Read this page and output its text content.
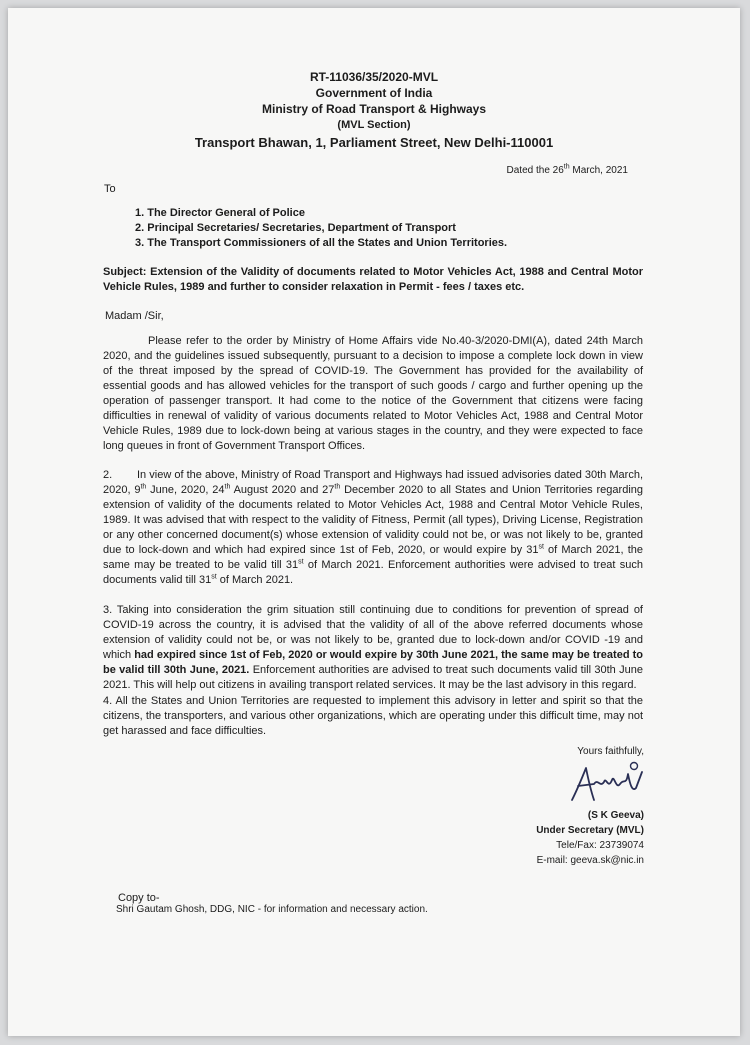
RT-11036/35/2020-MVL
Government of India
Ministry of Road Transport & Highways
(MVL Section)
Transport Bhawan, 1, Parliament Street, New Delhi-110001
Dated the 26th March, 2021
To
1. The Director General of Police
2. Principal Secretaries/ Secretaries, Department of Transport
3. The Transport Commissioners of all the States and Union Territories.
Subject: Extension of the Validity of documents related to Motor Vehicles Act, 1988 and Central Motor Vehicle Rules, 1989 and further to consider relaxation in Permit - fees / taxes etc.
Madam /Sir,
Please refer to the order by Ministry of Home Affairs vide No.40-3/2020-DMI(A), dated 24th March 2020, and the guidelines issued subsequently, pursuant to a decision to impose a complete lock down in view of the threat imposed by the spread of COVID-19. The Government has provided for the availability of essential goods and has allowed vehicles for the transport of such goods / cargo and further opening up the operation of passenger transport. It had come to the notice of the Government that citizens were facing difficulties in renewal of validity of various documents related to Motor Vehicles Act, 1988 and Central Motor Vehicle Rules, 1989 due to lock-down being at various stages in the country, and they were expected to face long queues in front of Government Transport Offices.
2. In view of the above, Ministry of Road Transport and Highways had issued advisories dated 30th March, 2020, 9th June, 2020, 24th August 2020 and 27th December 2020 to all States and Union Territories regarding extension of validity of the documents related to Motor Vehicles Act, 1988 and Central Motor Vehicle Rules, 1989. It was advised that with respect to the validity of Fitness, Permit (all types), Driving License, Registration or any other concerned document(s) whose extension of validity could not be, or was not likely to be, granted due to lock-down and which had expired since 1st of Feb, 2020, or would expire by 31st of March 2021, the same may be treated to be valid till 31st of March 2021. Enforcement authorities were advised to treat such documents valid till 31st of March 2021.
3. Taking into consideration the grim situation still continuing due to conditions for prevention of spread of COVID-19 across the country, it is advised that the validity of all of the above referred documents whose extension of validity could not be, or was not likely to be, granted due to lock-down and/or COVID -19 and which had expired since 1st of Feb, 2020 or would expire by 30th June 2021, the same may be treated to be valid till 30th June, 2021. Enforcement authorities are advised to treat such documents valid till 30th June 2021. This will help out citizens in availing transport related services. It may be the last advisory in this regard.
4. All the States and Union Territories are requested to implement this advisory in letter and spirit so that the citizens, the transporters, and various other organizations, which are operating under this difficult time, may not get harassed and face difficulties.
Yours faithfully,
(S K Geeva)
Under Secretary (MVL)
Tele/Fax: 23739074
E-mail: geeva.sk@nic.in
Copy to-
Shri Gautam Ghosh, DDG, NIC - for information and necessary action.
